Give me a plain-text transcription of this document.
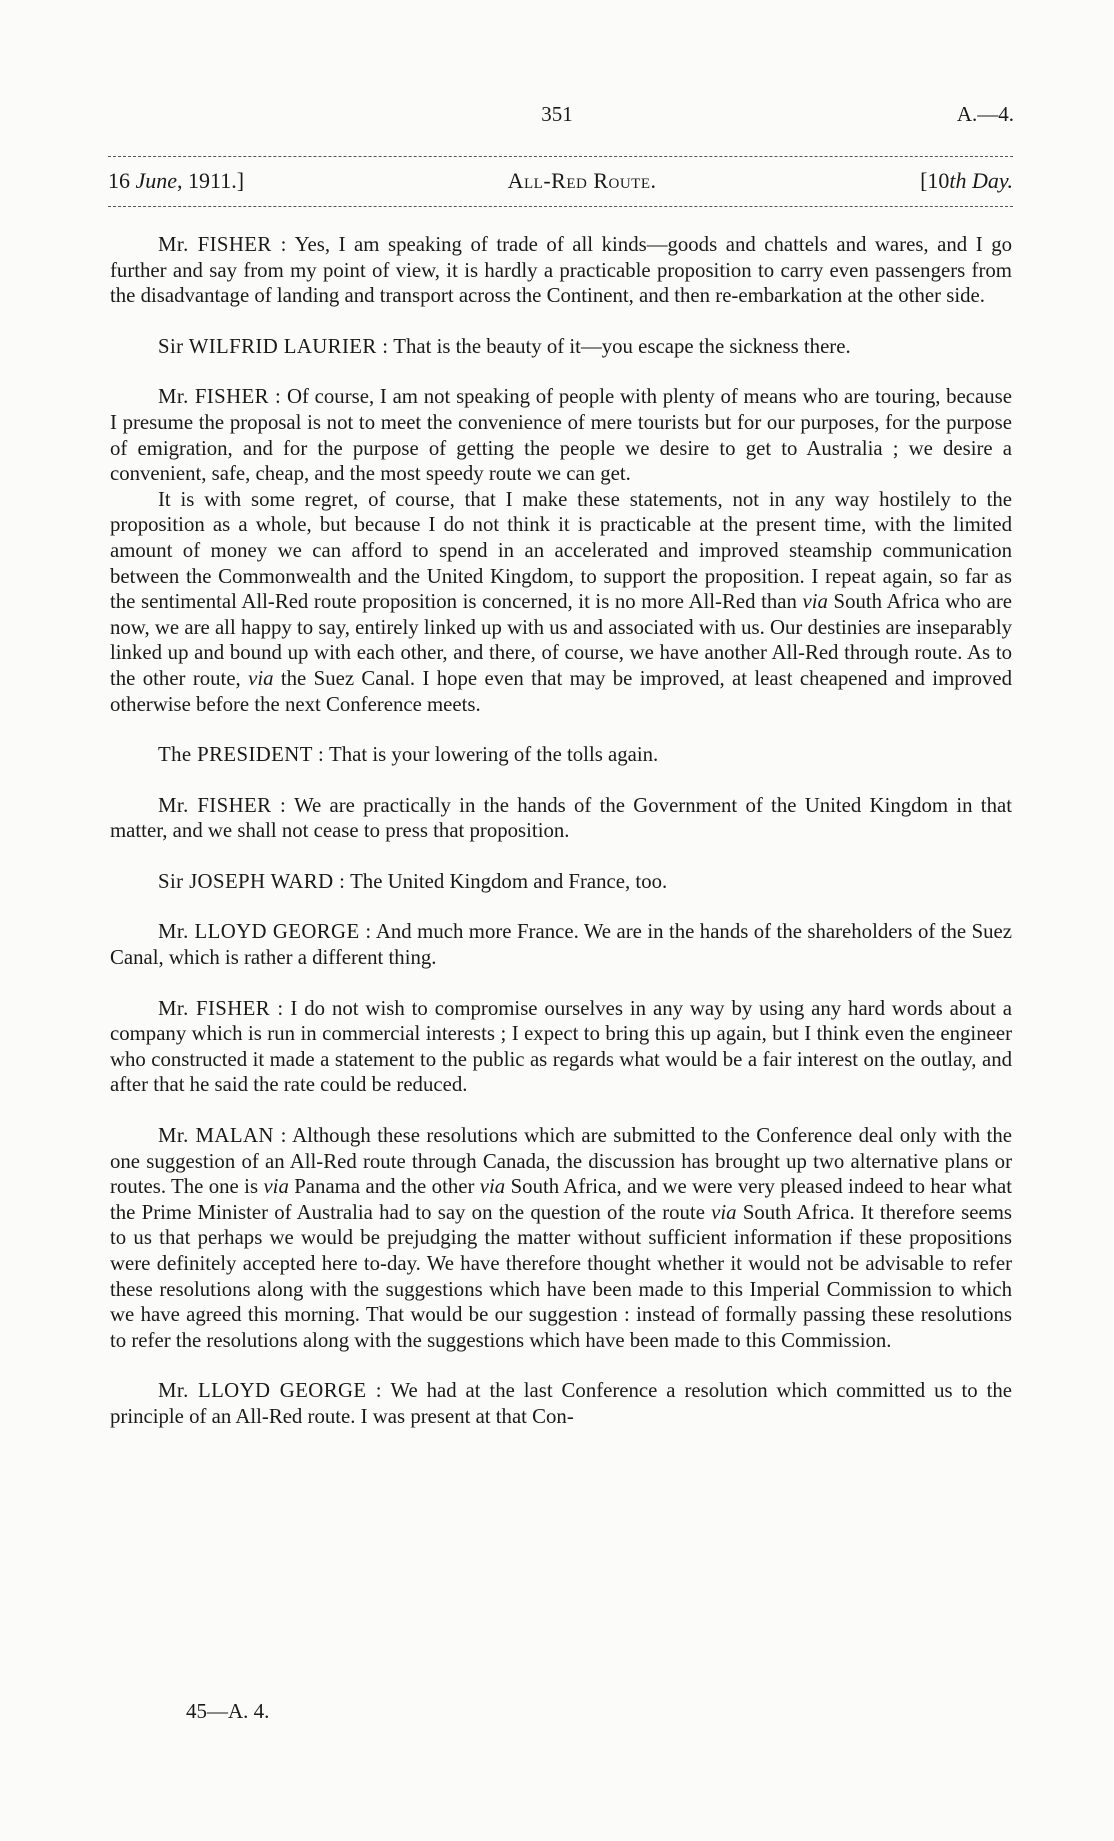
351	A.—4.
16 June, 1911.]	All-Red Route.	[10th Day.

Mr. FISHER : Yes, I am speaking of trade of all kinds—goods and chattels and wares, and I go further and say from my point of view, it is hardly a practicable proposition to carry even passengers from the disadvantage of landing and transport across the Continent, and then re-embarkation at the other side.

Sir WILFRID LAURIER : That is the beauty of it—you escape the sickness there.

Mr. FISHER : Of course, I am not speaking of people with plenty of means who are touring, because I presume the proposal is not to meet the convenience of mere tourists but for our purposes, for the purpose of emigration, and for the purpose of getting the people we desire to get to Australia ; we desire a convenient, safe, cheap, and the most speedy route we can get.

It is with some regret, of course, that I make these statements, not in any way hostilely to the proposition as a whole, but because I do not think it is practicable at the present time, with the limited amount of money we can afford to spend in an accelerated and improved steamship communication between the Commonwealth and the United Kingdom, to support the proposition. I repeat again, so far as the sentimental All-Red route proposition is concerned, it is no more All-Red than via South Africa who are now, we are all happy to say, entirely linked up with us and associated with us. Our destinies are inseparably linked up and bound up with each other, and there, of course, we have another All-Red through route. As to the other route, via the Suez Canal. I hope even that may be improved, at least cheapened and improved otherwise before the next Conference meets.

The PRESIDENT : That is your lowering of the tolls again.

Mr. FISHER : We are practically in the hands of the Government of the United Kingdom in that matter, and we shall not cease to press that proposition.

Sir JOSEPH WARD : The United Kingdom and France, too.

Mr. LLOYD GEORGE : And much more France. We are in the hands of the shareholders of the Suez Canal, which is rather a different thing.

Mr. FISHER : I do not wish to compromise ourselves in any way by using any hard words about a company which is run in commercial interests ; I expect to bring this up again, but I think even the engineer who constructed it made a statement to the public as regards what would be a fair interest on the outlay, and after that he said the rate could be reduced.

Mr. MALAN : Although these resolutions which are submitted to the Conference deal only with the one suggestion of an All-Red route through Canada, the discussion has brought up two alternative plans or routes. The one is via Panama and the other via South Africa, and we were very pleased indeed to hear what the Prime Minister of Australia had to say on the question of the route via South Africa. It therefore seems to us that perhaps we would be prejudging the matter without sufficient information if these propositions were definitely accepted here to-day. We have therefore thought whether it would not be advisable to refer these resolutions along with the suggestions which have been made to this Imperial Commission to which we have agreed this morning. That would be our suggestion : instead of formally passing these resolutions to refer the resolutions along with the suggestions which have been made to this Commission.

Mr. LLOYD GEORGE : We had at the last Conference a resolution which committed us to the principle of an All-Red route. I was present at that Con-

45—A. 4.
